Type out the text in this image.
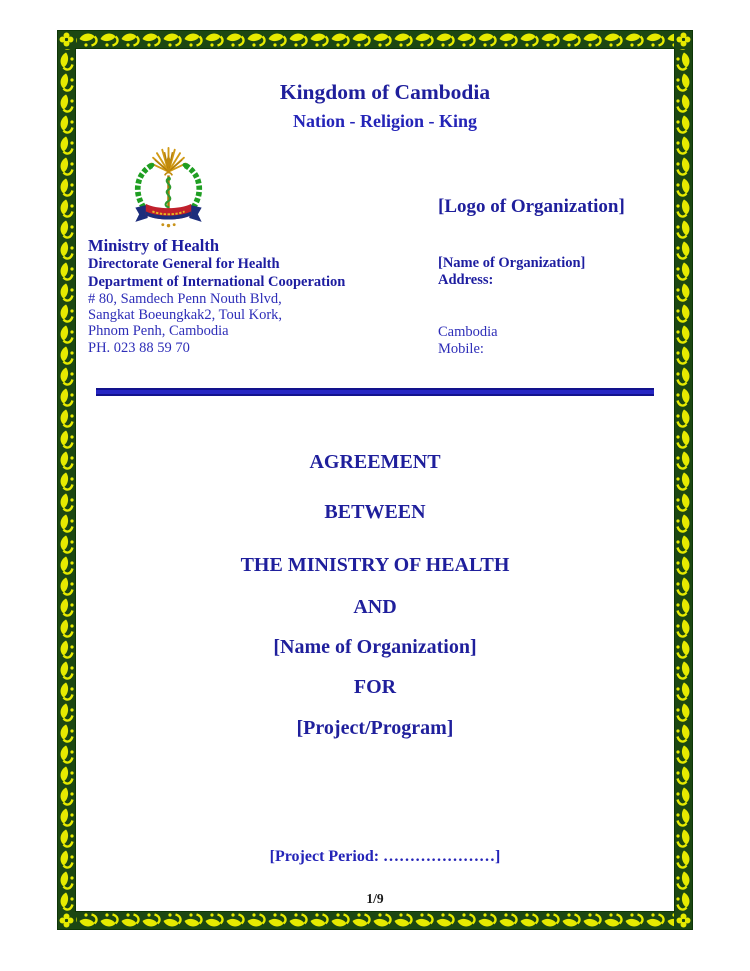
Kingdom of Cambodia
Nation - Religion - King
[Logo of Organization]
Ministry of Health
Directorate General for Health
Department of International Cooperation
# 80, Samdech Penn Nouth Blvd,
Sangkat Boeungkak2, Toul Kork,
Phnom Penh, Cambodia
PH. 023 88 59 70
[Name of Organization]
Address:
Cambodia
Mobile:
AGREEMENT
BETWEEN
THE MINISTRY OF HEALTH
AND
[Name of Organization]
FOR
[Project/Program]
[Project Period: …………………]
1/9
